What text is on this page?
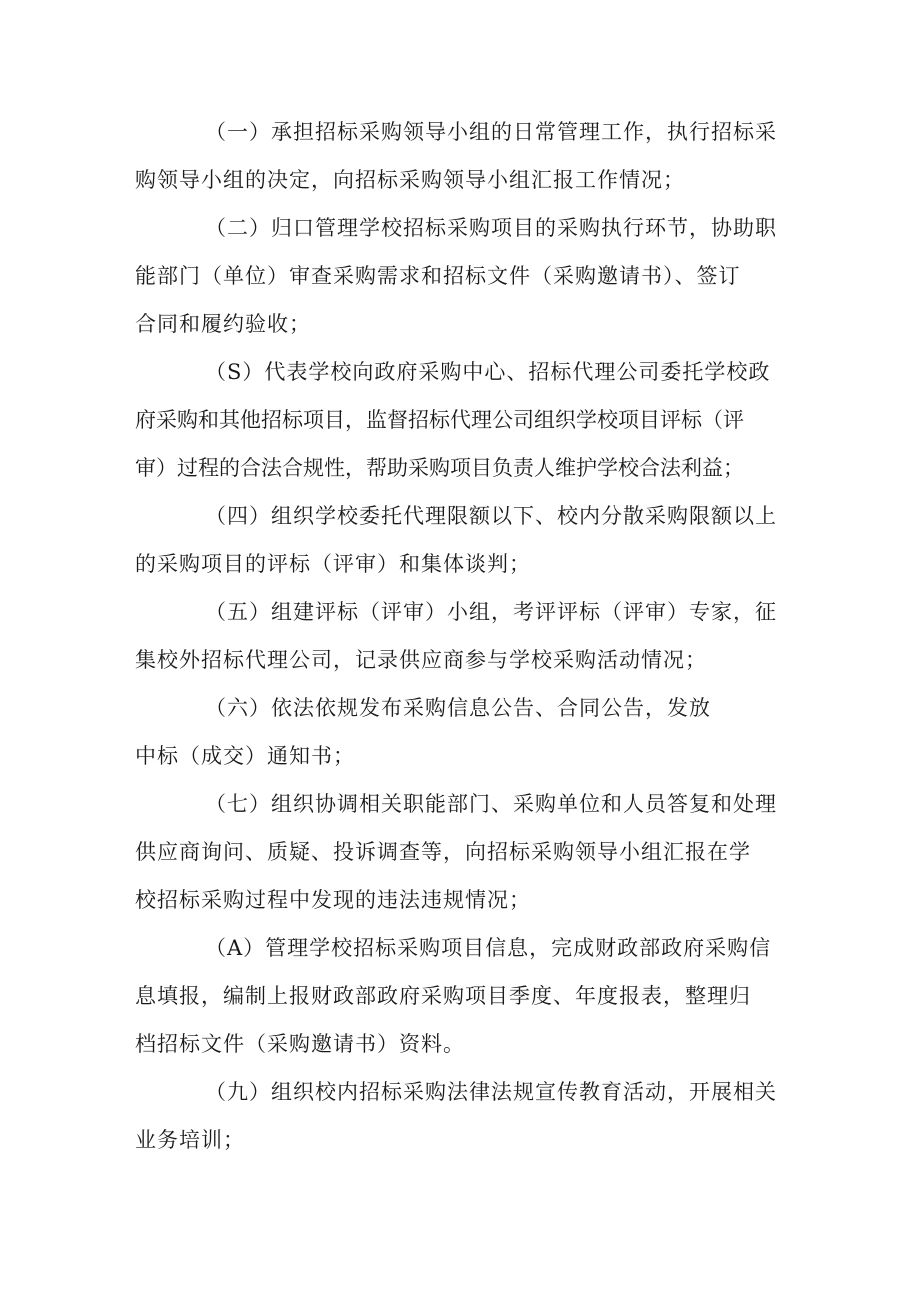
（一）承担招标采购领导小组的日常管理工作，执行招标采
购领导小组的决定，向招标采购领导小组汇报工作情况；
（二）归口管理学校招标采购项目的采购执行环节，协助职
能部门（单位）审查采购需求和招标文件（采购邀请书）、签订
合同和履约验收；
（S）代表学校向政府采购中心、招标代理公司委托学校政
府采购和其他招标项目，监督招标代理公司组织学校项目评标（评
审）过程的合法合规性，帮助采购项目负责人维护学校合法利益；
（四）组织学校委托代理限额以下、校内分散采购限额以上
的采购项目的评标（评审）和集体谈判；
（五）组建评标（评审）小组，考评评标（评审）专家，征
集校外招标代理公司，记录供应商参与学校采购活动情况；
（六）依法依规发布采购信息公告、合同公告，发放
中标（成交）通知书；
（七）组织协调相关职能部门、采购单位和人员答复和处理
供应商询问、质疑、投诉调查等，向招标采购领导小组汇报在学
校招标采购过程中发现的违法违规情况；
（A）管理学校招标采购项目信息，完成财政部政府采购信
息填报，编制上报财政部政府采购项目季度、年度报表，整理归
档招标文件（采购邀请书）资料。
（九）组织校内招标采购法律法规宣传教育活动，开展相关
业务培训；
